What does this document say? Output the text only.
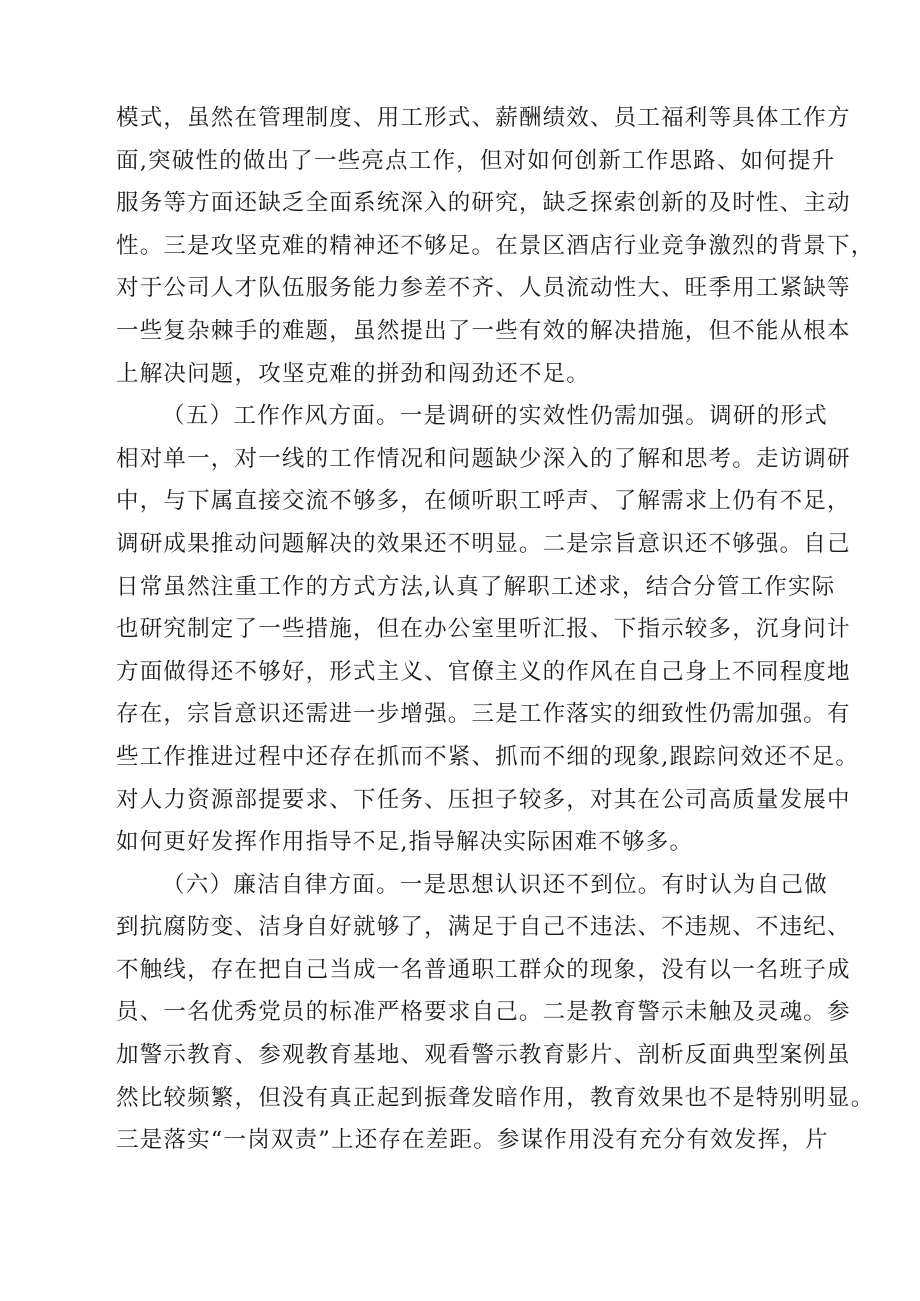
模式，虽然在管理制度、用工形式、薪酬绩效、员工福利等具体工作方
面,突破性的做出了一些亮点工作，但对如何创新工作思路、如何提升
服务等方面还缺乏全面系统深入的研究，缺乏探索创新的及时性、主动
性。三是攻坚克难的精神还不够足。在景区酒店行业竞争激烈的背景下，
对于公司人才队伍服务能力参差不齐、人员流动性大、旺季用工紧缺等
一些复杂棘手的难题，虽然提出了一些有效的解决措施，但不能从根本
上解决问题，攻坚克难的拼劲和闯劲还不足。
（五）工作作风方面。一是调研的实效性仍需加强。调研的形式
相对单一，对一线的工作情况和问题缺少深入的了解和思考。走访调研
中，与下属直接交流不够多，在倾听职工呼声、了解需求上仍有不足，
调研成果推动问题解决的效果还不明显。二是宗旨意识还不够强。自己
日常虽然注重工作的方式方法,认真了解职工述求，结合分管工作实际
也研究制定了一些措施，但在办公室里听汇报、下指示较多，沉身问计
方面做得还不够好，形式主义、官僚主义的作风在自己身上不同程度地
存在，宗旨意识还需进一步增强。三是工作落实的细致性仍需加强。有
些工作推进过程中还存在抓而不紧、抓而不细的现象,跟踪问效还不足。
对人力资源部提要求、下任务、压担子较多，对其在公司高质量发展中
如何更好发挥作用指导不足,指导解决实际困难不够多。
（六）廉洁自律方面。一是思想认识还不到位。有时认为自己做
到抗腐防变、洁身自好就够了，满足于自己不违法、不违规、不违纪、
不触线，存在把自己当成一名普通职工群众的现象，没有以一名班子成
员、一名优秀党员的标准严格要求自己。二是教育警示未触及灵魂。参
加警示教育、参观教育基地、观看警示教育影片、剖析反面典型案例虽
然比较频繁，但没有真正起到振聋发暗作用，教育效果也不是特别明显。
三是落实“一岗双责”上还存在差距。参谋作用没有充分有效发挥，片
